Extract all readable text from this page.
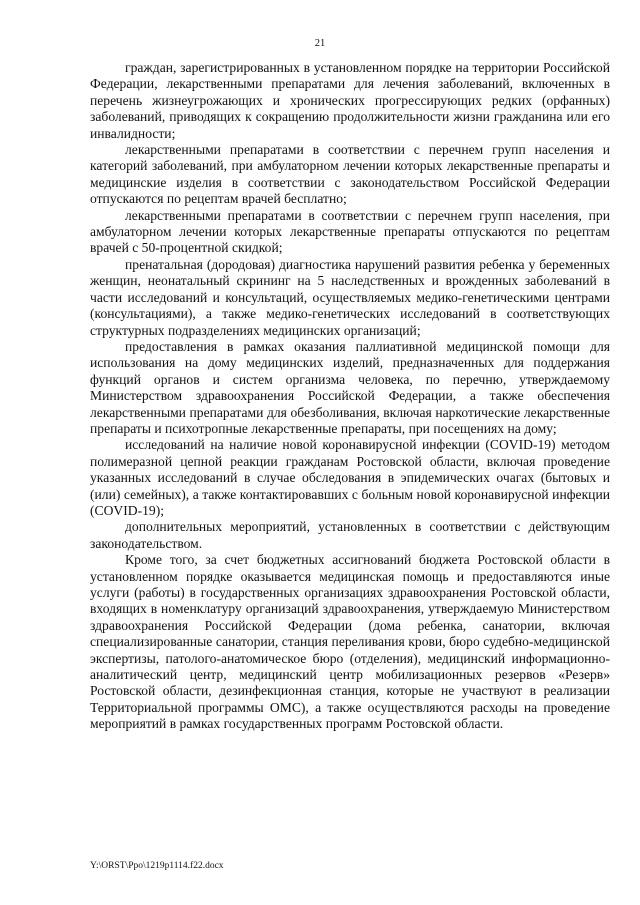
21

граждан, зарегистрированных в установленном порядке на территории Российской Федерации, лекарственными препаратами для лечения заболеваний, включенных в перечень жизнеугрожающих и хронических прогрессирующих редких (орфанных) заболеваний, приводящих к сокращению продолжительности жизни гражданина или его инвалидности;

лекарственными препаратами в соответствии с перечнем групп населения и категорий заболеваний, при амбулаторном лечении которых лекарственные препараты и медицинские изделия в соответствии с законодательством Российской Федерации отпускаются по рецептам врачей бесплатно;

лекарственными препаратами в соответствии с перечнем групп населения, при амбулаторном лечении которых лекарственные препараты отпускаются по рецептам врачей с 50-процентной скидкой;

пренатальная (дородовая) диагностика нарушений развития ребенка у беременных женщин, неонатальный скрининг на 5 наследственных и врожденных заболеваний в части исследований и консультаций, осуществляемых медико-генетическими центрами (консультациями), а также медико-генетических исследований в соответствующих структурных подразделениях медицинских организаций;

предоставления в рамках оказания паллиативной медицинской помощи для использования на дому медицинских изделий, предназначенных для поддержания функций органов и систем организма человека, по перечню, утверждаемому Министерством здравоохранения Российской Федерации, а также обеспечения лекарственными препаратами для обезболивания, включая наркотические лекарственные препараты и психотропные лекарственные препараты, при посещениях на дому;

исследований на наличие новой коронавирусной инфекции (COVID-19) методом полимеразной цепной реакции гражданам Ростовской области, включая проведение указанных исследований в случае обследования в эпидемических очагах (бытовых и (или) семейных), а также контактировавших с больным новой коронавирусной инфекции (COVID-19);

дополнительных мероприятий, установленных в соответствии с действующим законодательством.

Кроме того, за счет бюджетных ассигнований бюджета Ростовской области в установленном порядке оказывается медицинская помощь и предоставляются иные услуги (работы) в государственных организациях здравоохранения Ростовской области, входящих в номенклатуру организаций здравоохранения, утверждаемую Министерством здравоохранения Российской Федерации (дома ребенка, санатории, включая специализированные санатории, станция переливания крови, бюро судебно-медицинской экспертизы, патолого-анатомическое бюро (отделения), медицинский информационно-аналитический центр, медицинский центр мобилизационных резервов «Резерв» Ростовской области, дезинфекционная станция, которые не участвуют в реализации Территориальной программы ОМС), а также осуществляются расходы на проведение мероприятий в рамках государственных программ Ростовской области.

Y:\ORST\Ppo\1219p1114.f22.docx
